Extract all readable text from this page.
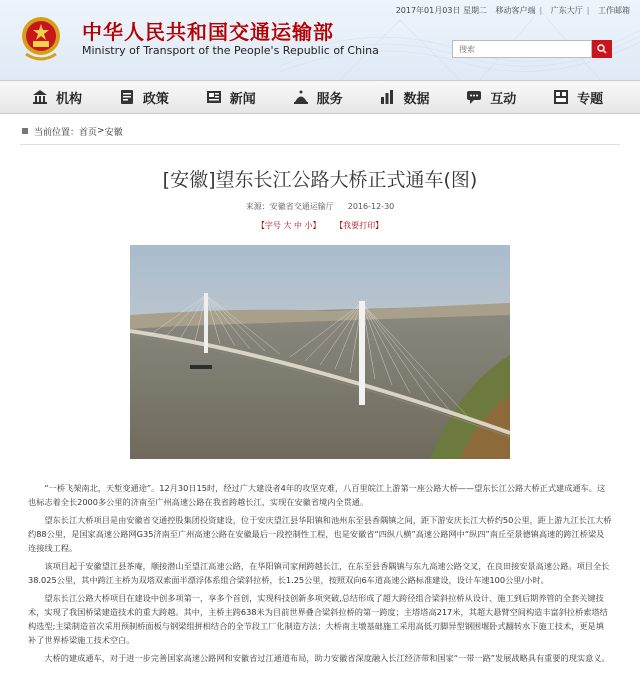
中华人民共和国交通运输部
Ministry of Transport of the People's Republic of China
2017年01月03日 星期二 移动客户端 | 广东大厅 | 工作邮箱
搜索
机构	政策	新闻	服务	数据	互动	专题
当前位置： 首页 > 安徽
[安徽]望东长江公路大桥正式通车(图)
来源：安徽省交通运输厅 2016-12-30
【字号 大 中 小】 【我要打印】

“一桥飞架南北，天堑变通途”。12月30日15时，经过广大建设者4年的攻坚克难，八百里皖江上游第一座公路大桥——望东长江公路大桥正式建成通车。这也标志着全长2000多公里的济南至广州高速公路在我省跨越长江，实现在安徽省境内全贯通。

望东长江大桥项目是由安徽省交通控股集团投资建设，位于安庆望江县华阳镇和池州东至县香隅镇之间，距下游安庆长江大桥约50公里，距上游九江长江大桥约88公里，是国家高速公路网G35济南至广州高速公路在安徽最后一段控制性工程，也是安徽省“四纵八横”高速公路网中“纵四”南丘至景德镇高速的跨江桥梁及连接线工程。

该项目起于安徽望江县茶庵，顺接潜山至望江高速公路，在华阳镇司家闸跨越长江，在东至县香隅镇与东九高速公路交叉，在良田接安景高速公路。项目全长38.025公里，其中跨江主桥为双塔双索面半漂浮体系组合梁斜拉桥，长1.25公里，按照双向6车道高速公路标准建设，设计车速100公里/小时。

望东长江公路大桥项目在建设中创多项第一，享多个首创，实现科技创新多项突破,总结形成了超大跨径组合梁斜拉桥从设计、施工到后期养管的全套关键技术，实现了我国桥梁建造技术的重大跨越。其中，主桥主跨638米为目前世界叠合梁斜拉桥的第一跨度；主塔塔高217米，其超大悬臂空间构造丰富斜拉桥索塔结构选型;主梁制造首次采用预制桥面板与钢梁组拼相结合的全节段工厂化制造方法；大桥南主墩基础施工采用高低刃脚异型钢围堰卧式翻转水下施工技术，更是填补了世界桥梁施工技术空白。

大桥的建成通车，对于进一步完善国家高速公路网和安徽省过江通道布局，助力安徽省深度融入长江经济带和国家“一带一路”发展战略具有重要的现实意义。
